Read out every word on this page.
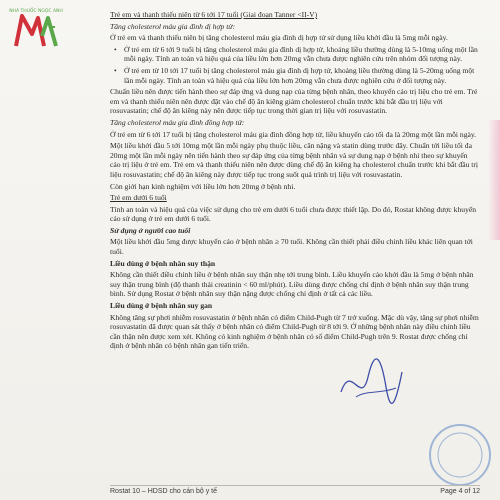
NHÀ THUỐC NGỌC ANH	Trẻ em và thanh thiếu niên từ 6 tới 17 tuổi (Giai đoạn Tanner <II-V)

Tăng cholesterol máu gia đình dị hợp tử:

Ở trẻ em và thanh thiếu niên bị tăng cholesterol máu gia đình dị hợp tử sử dụng liều khởi đầu là 5mg mỗi ngày.

• Ở trẻ em từ 6 tới 9 tuổi bị tăng cholesterol máu gia đình dị hợp tử, khoảng liều thường dùng là 5-10mg uống một lần mỗi ngày. Tính an toàn và hiệu quả của liều lớn hơn 20mg vẫn chưa được nghiên cứu trên nhóm đối tượng này.

• Ở trẻ em từ 10 tới 17 tuổi bị tăng cholesterol máu gia đình dị hợp tử, khoảng liều thường dùng là 5-20mg uống một lần mỗi ngày. Tính an toàn và hiệu quả của liều lớn hơn 20mg vẫn chưa được nghiên cứu ở đối tượng này.

Chuẩn liều nên được tiến hành theo sự đáp ứng và dung nạp của từng bệnh nhân, theo khuyến cáo trị liệu cho trẻ em. Trẻ em và thanh thiếu niên nên được đặt vào chế độ ăn kiêng giảm cholesterol chuẩn trước khi bắt đầu trị liệu với rosuvastatin; chế độ ăn kiêng này nên được tiếp tục trong thời gian trị liệu với rosuvastatin.

Tăng cholesterol máu gia đình đồng hợp tử:

Ở trẻ em từ 6 tới 17 tuổi bị tăng cholesterol máu gia đình đồng hợp tử, liều khuyến cáo tối đa là 20mg một lần mỗi ngày.

Một liều khởi đầu 5 tới 10mg một lần mỗi ngày phụ thuộc liều, cân nặng và statin dùng trước đây. Chuẩn tới liều tối đa 20mg một lần mỗi ngày nên tiến hành theo sự đáp ứng của từng bệnh nhân và sự dung nạp ở bệnh nhi theo sự khuyến cáo trị liệu ở trẻ em. Trẻ em và thanh thiếu niên nên được dùng chế độ ăn kiêng hạ cholesterol chuẩn trước khi bắt đầu trị liệu rosuvastatin; chế độ ăn kiêng này được tiếp tục trong suốt quá trình trị liệu với rosuvastatin.

Còn giới hạn kinh nghiệm với liều lớn hơn 20mg ở bệnh nhi.

Trẻ em dưới 6 tuổi

Tính an toàn và hiệu quả của việc sử dụng cho trẻ em dưới 6 tuổi chưa được thiết lập. Do đó, Rostat không được khuyến cáo sử dụng ở trẻ em dưới 6 tuổi.

Sử dụng ở người cao tuổi

Một liều khởi đầu 5mg được khuyến cáo ở bệnh nhân ≥ 70 tuổi. Không cần thiết phải điều chỉnh liều khác liên quan tới tuổi.

Liều dùng ở bệnh nhân suy thận

Không cần thiết điều chỉnh liều ở bệnh nhân suy thận nhẹ tới trung bình. Liều khuyến cáo khởi đầu là 5mg ở bệnh nhân suy thận trung bình (độ thanh thải creatinin < 60 ml/phút). Liều dùng được chống chỉ định ở bệnh nhân suy thận trung bình. Sử dụng Rostat ở bệnh nhân suy thận nặng được chống chỉ định ở tất cả các liều.

Liều dùng ở bệnh nhân suy gan

Không tăng sự phơi nhiễm rosuvastatin ở bệnh nhân có điểm Child-Pugh từ 7 trở xuống. Mặc dù vậy, tăng sự phơi nhiễm rosuvastatin đã được quan sát thấy ở bệnh nhân có điểm Child-Pugh từ 8 tới 9. Ở những bệnh nhân này điều chỉnh liều cần thận nên được xem xét. Không có kinh nghiệm ở bệnh nhân có số điểm Child-Pugh trên 9. Rostat được chống chỉ định ở bệnh nhân có bệnh nhân gan tiến triển.

Rostat 10 – HDSD cho cán bộ y tế	Page 4 of 12
